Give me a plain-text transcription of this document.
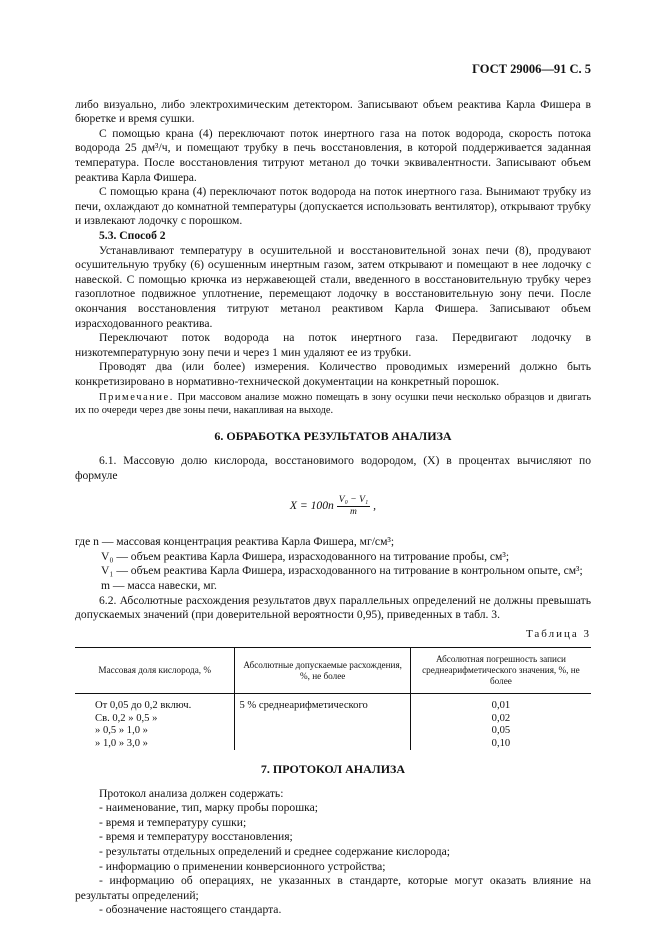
ГОСТ 29006—91 С. 5

либо визуально, либо электрохимическим детектором. Записывают объем реактива Карла Фишера в бюретке и время сушки.

С помощью крана (4) переключают поток инертного газа на поток водорода, скорость потока водорода 25 дм³/ч, и помещают трубку в печь восстановления, в которой поддерживается заданная температура. После восстановления титруют метанол до точки эквивалентности. Записывают объем реактива Карла Фишера.

С помощью крана (4) переключают поток водорода на поток инертного газа. Вынимают трубку из печи, охлаждают до комнатной температуры (допускается использовать вентилятор), открывают трубку и извлекают лодочку с порошком.

5.3. Способ 2

Устанавливают температуру в осушительной и восстановительной зонах печи (8), продувают осушительную трубку (6) осушенным инертным газом, затем открывают и помещают в нее лодочку с навеской. С помощью крючка из нержавеющей стали, введенного в восстановительную трубку через газоплотное подвижное уплотнение, перемещают лодочку в восстановительную зону печи. После окончания восстановления титруют метанол реактивом Карла Фишера. Записывают объем израсходованного реактива.

Переключают поток водорода на поток инертного газа. Передвигают лодочку в низкотемпературную зону печи и через 1 мин удаляют ее из трубки.

Проводят два (или более) измерения. Количество проводимых измерений должно быть конкретизировано в нормативно-технической документации на конкретный порошок.

Примечание. При массовом анализе можно помещать в зону осушки печи несколько образцов и двигать их по очереди через две зоны печи, накапливая на выходе.

6. ОБРАБОТКА РЕЗУЛЬТАТОВ АНАЛИЗА

6.1. Массовую долю кислорода, восстановимого водородом, (X) в процентах вычисляют по формуле

$X = 100n \frac{\text{V₀ − V₁}}{m}$ ,

где n — массовая концентрация реактива Карла Фишера, мг/см³;

V₀ — объем реактива Карла Фишера, израсходованного на титрование пробы, см³;

V₁ — объем реактива Карла Фишера, израсходованного на титрование в контрольном опыте, см³;

m — масса навески, мг.

6.2. Абсолютные расхождения результатов двух параллельных определений не должны превышать допускаемых значений (при доверительной вероятности 0,95), приведенных в табл. 3.

Таблица 3
Массовая доля кислорода, %	Абсолютные допускаемые расхождения, %, не более	Абсолютная погрешность записи среднеарифметического значения, %, не более
От 0,05 до 0,2 включ.	5 % среднеарифметического	0,01
Св. 0,2 » 0,5 »		0,02
» 0,5 » 1,0 »		0,05
» 1,0 » 3,0 »		0,10
7. ПРОТОКОЛ АНАЛИЗА

Протокол анализа должен содержать:

- наименование, тип, марку пробы порошка;

- время и температуру сушки;

- время и температуру восстановления;

- результаты отдельных определений и среднее содержание кислорода;

- информацию о применении конверсионного устройства;

- информацию об операциях, не указанных в стандарте, которые могут оказать влияние на результаты определений;

- обозначение настоящего стандарта.
